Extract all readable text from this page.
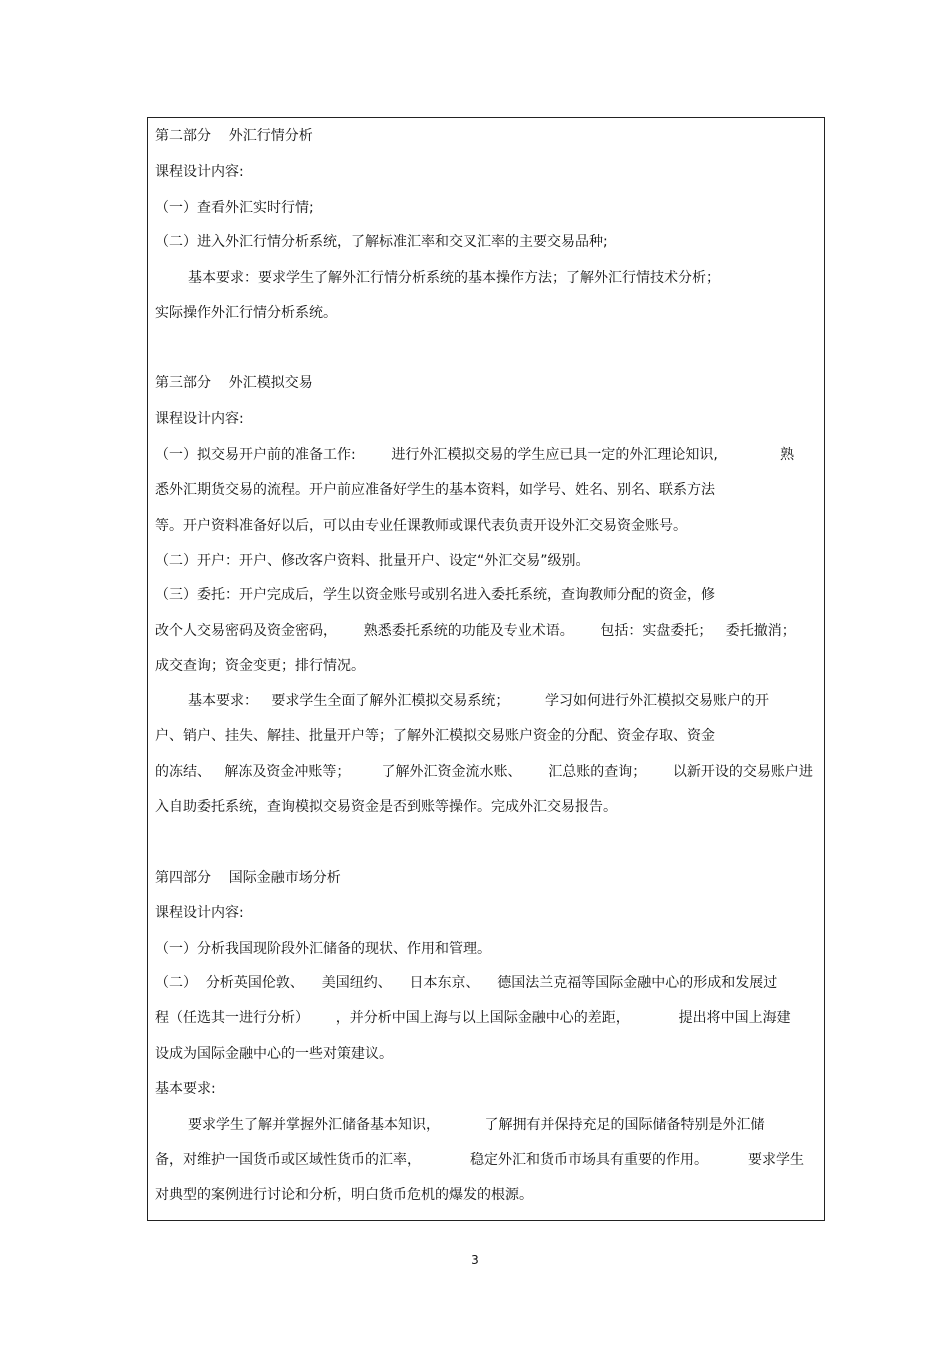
第二部分    外汇行情分析

课程设计内容:

（一）查看外汇实时行情;

（二）进入外汇行情分析系统，了解标准汇率和交叉汇率的主要交易品种;

基本要求：要求学生了解外汇行情分析系统的基本操作方法；了解外汇行情技术分析；

实际操作外汇行情分析系统。

第三部分    外汇模拟交易

课程设计内容:

（一）拟交易开户前的准备工作:        进行外汇模拟交易的学生应已具一定的外汇理论知识,              熟

悉外汇期货交易的流程。开户前应准备好学生的基本资料，如学号、姓名、别名、联系方法

等。开户资料准备好以后，可以由专业任课教师或课代表负责开设外汇交易资金账号。

（二）开户：开户、修改客户资料、批量开户、设定“外汇交易”级别。

（三）委托：开户完成后，学生以资金账号或别名进入委托系统，查询教师分配的资金，修

改个人交易密码及资金密码，      熟悉委托系统的功能及专业术语。      包括：实盘委托；   委托撤消；

成交查询；资金变更；排行情况。

基本要求：   要求学生全面了解外汇模拟交易系统；        学习如何进行外汇模拟交易账户的开

户、销户、挂失、解挂、批量开户等；了解外汇模拟交易账户资金的分配、资金存取、资金

的冻结、   解冻及资金冲账等；       了解外汇资金流水账、      汇总账的查询；      以新开设的交易账户进

入自助委托系统，查询模拟交易资金是否到账等操作。完成外汇交易报告。

第四部分    国际金融市场分析

课程设计内容:

（一）分析我国现阶段外汇储备的现状、作用和管理。

（二）  分析英国伦敦、    美国纽约、    日本东京、    德国法兰克福等国际金融中心的形成和发展过

程（任选其一进行分析）      ，并分析中国上海与以上国际金融中心的差距，           提出将中国上海建

设成为国际金融中心的一些对策建议。

基本要求:

要求学生了解并掌握外汇储备基本知识，          了解拥有并保持充足的国际储备特别是外汇储

备，对维护一国货币或区域性货币的汇率，           稳定外汇和货币市场具有重要的作用。         要求学生

对典型的案例进行讨论和分析，明白货币危机的爆发的根源。

3
